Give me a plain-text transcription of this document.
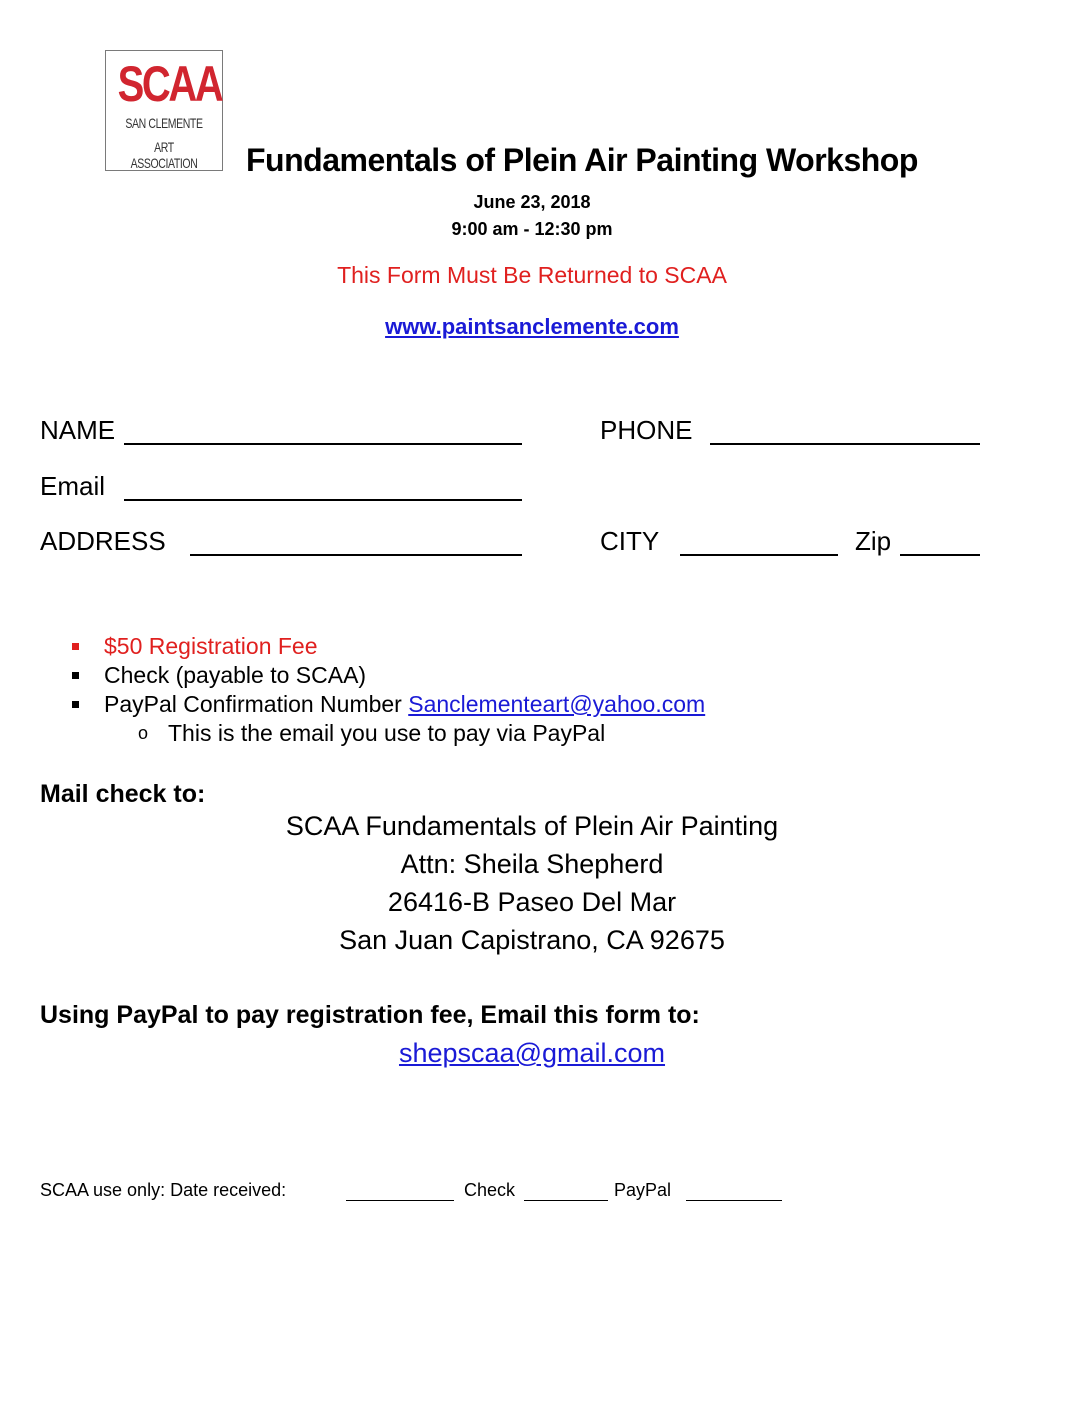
SCAA
SAN CLEMENTE
ART ASSOCIATION	Fundamentals of Plein Air Painting Workshop
June 23, 2018
9:00 am - 12:30 pm
This Form Must Be Returned to SCAA
www.paintsanclemente.com
NAME	PHONE
Email
ADDRESS	CITY	Zip
$50 Registration Fee
Check (payable to SCAA)
PayPal Confirmation Number Sanclementeart@yahoo.com
o This is the email you use to pay via PayPal
Mail check to:
SCAA Fundamentals of Plein Air Painting
Attn: Sheila Shepherd
26416-B Paseo Del Mar
San Juan Capistrano, CA 92675
Using PayPal to pay registration fee, Email this form to:
shepscaa@gmail.com
SCAA use only: Date received:	Check	PayPal
